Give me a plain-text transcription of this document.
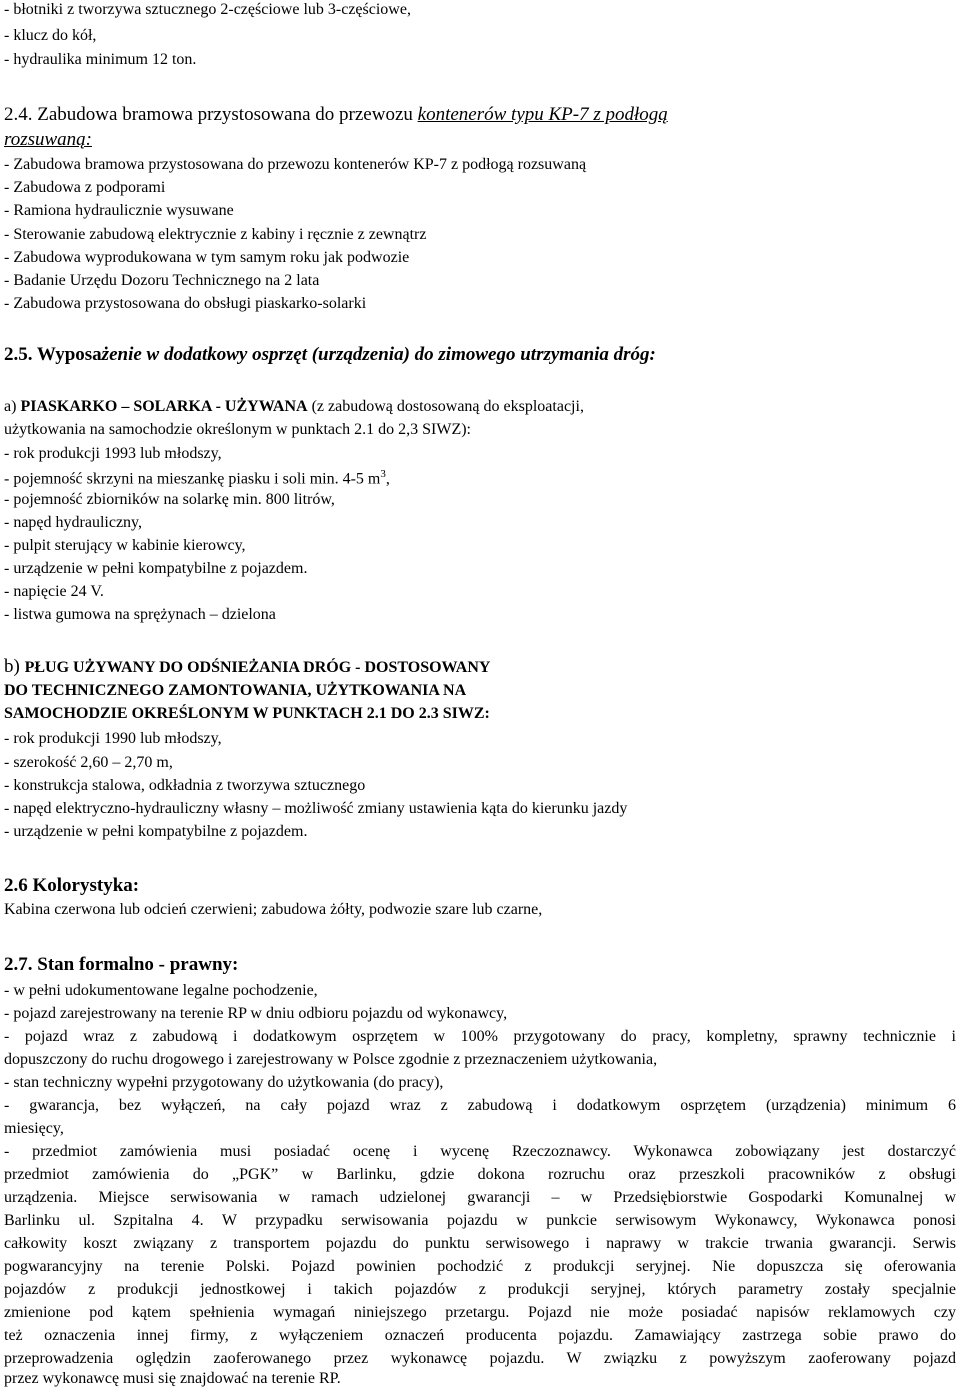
- błotniki z tworzywa sztucznego 2-częściowe lub 3-częściowe,
- klucz do kół,
- hydraulika minimum 12 ton.
2.4. Zabudowa bramowa przystosowana do przewozu kontenerów typu KP-7 z podłogą
rozsuwaną:
- Zabudowa bramowa przystosowana do przewozu kontenerów KP-7 z podłogą rozsuwaną
- Zabudowa z podporami
- Ramiona hydraulicznie wysuwane
- Sterowanie zabudową elektrycznie z kabiny i ręcznie z zewnątrz
- Zabudowa wyprodukowana w tym samym roku jak podwozie
- Badanie Urzędu Dozoru Technicznego na 2 lata
- Zabudowa przystosowana do obsługi piaskarko-solarki
2.5. Wyposażenie w dodatkowy osprzęt (urządzenia) do zimowego utrzymania dróg:
a) PIASKARKO – SOLARKA - UŻYWANA (z zabudową dostosowaną do eksploatacji,
użytkowania na samochodzie określonym w punktach 2.1 do 2,3 SIWZ):
- rok produkcji 1993 lub młodszy,
- pojemność skrzyni na mieszankę piasku i soli min. 4-5 $m^3$,
- pojemność zbiorników na solarkę min. 800 litrów,
- napęd hydrauliczny,
- pulpit sterujący w kabinie kierowcy,
- urządzenie w pełni kompatybilne z pojazdem.
- napięcie 24 V.
- listwa gumowa na sprężynach – dzielona
b) PŁUG UŻYWANY DO ODŚNIEŻANIA DRÓG - DOSTOSOWANY
DO TECHNICZNEGO ZAMONTOWANIA, UŻYTKOWANIA NA
SAMOCHODZIE OKREŚLONYM W PUNKTACH 2.1 DO 2.3 SIWZ:
- rok produkcji 1990 lub młodszy,
- szerokość 2,60 – 2,70 m,
- konstrukcja stalowa, odkładnia z tworzywa sztucznego
- napęd elektryczno-hydrauliczny własny – możliwość zmiany ustawienia kąta do kierunku jazdy
- urządzenie w pełni kompatybilne z pojazdem.
2.6 Kolorystyka:
Kabina czerwona lub odcień czerwieni; zabudowa żółty, podwozie szare lub czarne,
2.7. Stan formalno - prawny:
- w pełni udokumentowane legalne pochodzenie,
- pojazd zarejestrowany na terenie RP w dniu odbioru pojazdu od wykonawcy,
- pojazd wraz z zabudową i dodatkowym osprzętem w 100% przygotowany do pracy, kompletny, sprawny technicznie i
dopuszczony do ruchu drogowego i zarejestrowany w Polsce zgodnie z przeznaczeniem użytkowania,
- stan techniczny wypełni przygotowany do użytkowania (do pracy),
- gwarancja, bez wyłączeń, na cały pojazd wraz z zabudową i dodatkowym osprzętem (urządzenia) minimum 6
miesięcy,
- przedmiot zamówienia musi posiadać ocenę i wycenę Rzeczoznawcy. Wykonawca zobowiązany jest dostarczyć
przedmiot zamówienia do „PGK” w Barlinku, gdzie dokona rozruchu oraz przeszkoli pracowników z obsługi
urządzenia. Miejsce serwisowania w ramach udzielonej gwarancji – w Przedsiębiorstwie Gospodarki Komunalnej w
Barlinku ul. Szpitalna 4. W przypadku serwisowania pojazdu w punkcie serwisowym Wykonawcy, Wykonawca ponosi
całkowity koszt związany z transportem pojazdu do punktu serwisowego i naprawy w trakcie trwania gwarancji. Serwis
pogwarancyjny na terenie Polski. Pojazd powinien pochodzić z produkcji seryjnej. Nie dopuszcza się oferowania
pojazdów z produkcji jednostkowej i takich pojazdów z produkcji seryjnej, których parametry zostały specjalnie
zmienione pod kątem spełnienia wymagań niniejszego przetargu. Pojazd nie może posiadać napisów reklamowych czy
też oznaczenia innej firmy, z wyłączeniem oznaczeń producenta pojazdu. Zamawiający zastrzega sobie prawo do
przeprowadzenia oględzin zaoferowanego przez wykonawcę pojazdu. W związku z powyższym zaoferowany pojazd
przez wykonawcę musi się znajdować na terenie RP.
